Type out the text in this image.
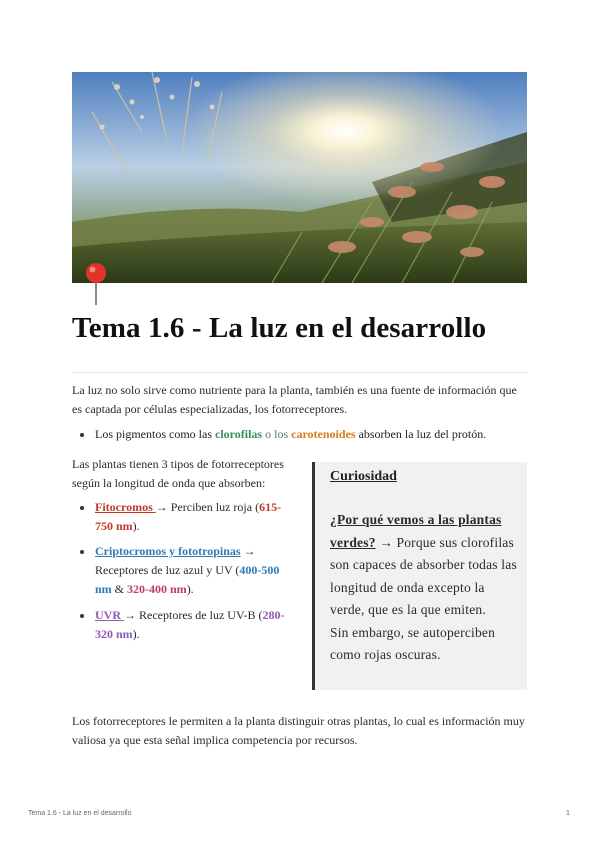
Tema 1.6 - La luz en el desarrollo

La luz no solo sirve como nutriente para la planta, también es una fuente de información que es captada por células especializadas, los fotorreceptores.

Los pigmentos como las clorofilas o los carotenoides absorben la luz del protón.

Las plantas tienen 3 tipos de fotorreceptores según la longitud de onda que absorben:

Fitocromos → Perciben luz roja (615-750 nm).
Criptocromos y fototropinas → Receptores de luz azul y UV (400-500 nm & 320-400 nm).
UVR → Receptores de luz UV-B (280-320 nm).
Curiosidad
¿Por qué vemos a las plantas verdes? → Porque sus clorofilas son capaces de absorber todas las longitud de onda excepto la verde, que es la que emiten.
Sin embargo, se autoperciben como rojas oscuras.

Los fotorreceptores le permiten a la planta distinguir otras plantas, lo cual es información muy valiosa ya que esta señal implica competencia por recursos.

Tema 1.6 - La luz en el desarrollo	1
